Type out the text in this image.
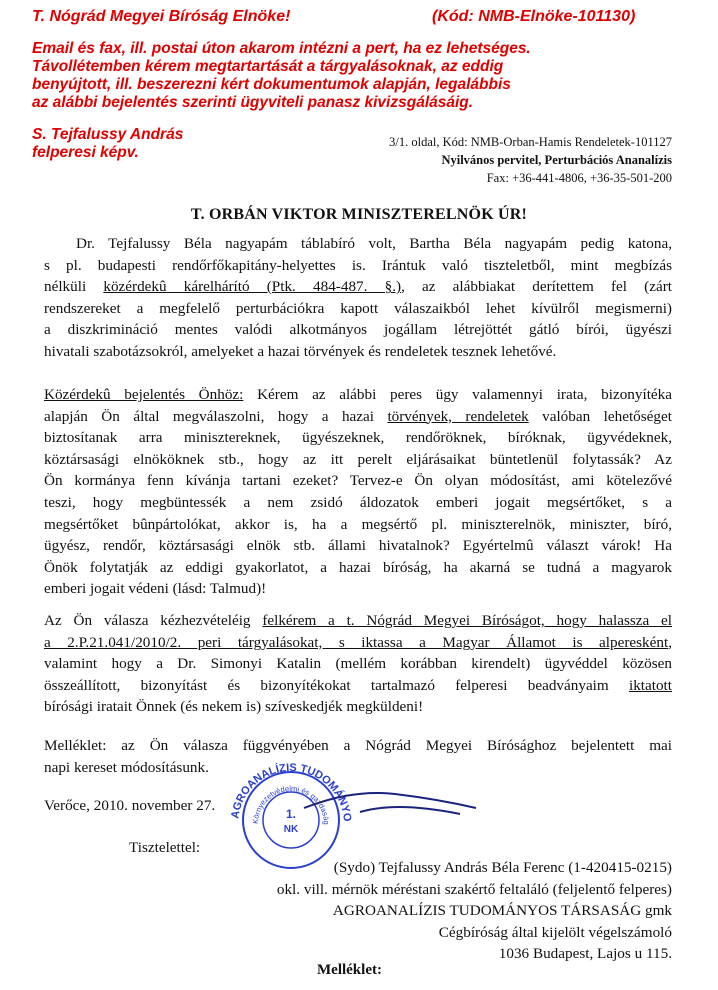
T. Nógrád Megyei Bíróság Elnöke!	(Kód: NMB-Elnöke-101130)
Email és fax, ill. postai úton akarom intézni a pert, ha ez lehetséges.
Távollétemben kérem megtartartását a tárgyalásoknak, az eddig
benyújtott, ill. beszerezni kért dokumentumok alapján, legalábbis
az alábbi bejelentés szerinti ügyviteli panasz kivizsgálásáig.
S. Tejfalussy András
felperesi képv.
3/1. oldal, Kód: NMB-Orban-Hamis Rendeletek-101127
Nyilvános pervitel, Perturbációs Ananalízis
Fax: +36-441-4806, +36-35-501-200
T. ORBÁN VIKTOR MINISZTERELNÖK ÚR!
Dr. Tejfalussy Béla nagyapám táblabíró volt, Bartha Béla nagyapám pedig katona,
s pl. budapesti rendőrfőkapitány-helyettes is. Irántuk való tiszteletből, mint megbízás
nélküli közérdekû kárelhárító (Ptk. 484-487. §.), az alábbiakat derítettem fel (zárt
rendszereket a megfelelő perturbációkra kapott válaszaikból lehet kívülről megismerni)
a diszkrimináció mentes valódi alkotmányos jogállam létrejöttét gátló bírói, ügyészi
hivatali szabotázsokról, amelyeket a hazai törvények és rendeletek tesznek lehetővé.
Közérdekû bejelentés Önhöz: Kérem az alábbi peres ügy valamennyi irata, bizonyítéka
alapján Ön által megválaszolni, hogy a hazai törvények, rendeletek valóban lehetőséget
biztosítanak arra minisztereknek, ügyészeknek, rendőröknek, bíróknak, ügyvédeknek,
köztársasági elnököknek stb., hogy az itt perelt eljárásaikat büntetlenül folytassák? Az
Ön kormánya fenn kívánja tartani ezeket? Tervez-e Ön olyan módosítást, ami kötelezővé
teszi, hogy megbüntessék a nem zsidó áldozatok emberi jogait megsértőket, s a
megsértőket bûnpártolókat, akkor is, ha a megsértő pl. miniszterelnök, miniszter, bíró,
ügyész, rendőr, köztársasági elnök stb. állami hivatalnok? Egyértelmû választ várok! Ha
Önök folytatják az eddigi gyakorlatot, a hazai bíróság, ha akarná se tudná a magyarok
emberi jogait védeni (lásd: Talmud)!
Az Ön válasza kézhezvételéig felkérem a t. Nógrád Megyei Bíróságot, hogy halassza el
a 2.P.21.041/2010/2. peri tárgyalásokat, s iktassa a Magyar Államot is alperesként,
valamint hogy a Dr. Simonyi Katalin (mellém korábban kirendelt) ügyvéddel közösen
összeállított, bizonyítást és bizonyítékokat tartalmazó felperesi beadványaim iktatott
bírósági iratait Önnek (és nekem is) szíveskedjék megküldeni!
Melléklet: az Ön válasza függvényében a Nógrád Megyei Bírósághoz bejelentett mai
napi kereset módosításunk.
Verőce, 2010. november 27.
Tisztelettel:
AGROANALÍZIS TUDOMÁNYO
Környezetvédelmi és gazdaság
1.
NK
(Sydo) Tejfalussy András Béla Ferenc (1-420415-0215)
okl. vill. mérnök méréstani szakértő feltaláló (feljelentő felperes)
AGROANALÍZIS TUDOMÁNYOS TÁRSASÁG gmk
Cégbíróság által kijelölt végelszámoló
1036 Budapest, Lajos u 115.
Melléklet:
